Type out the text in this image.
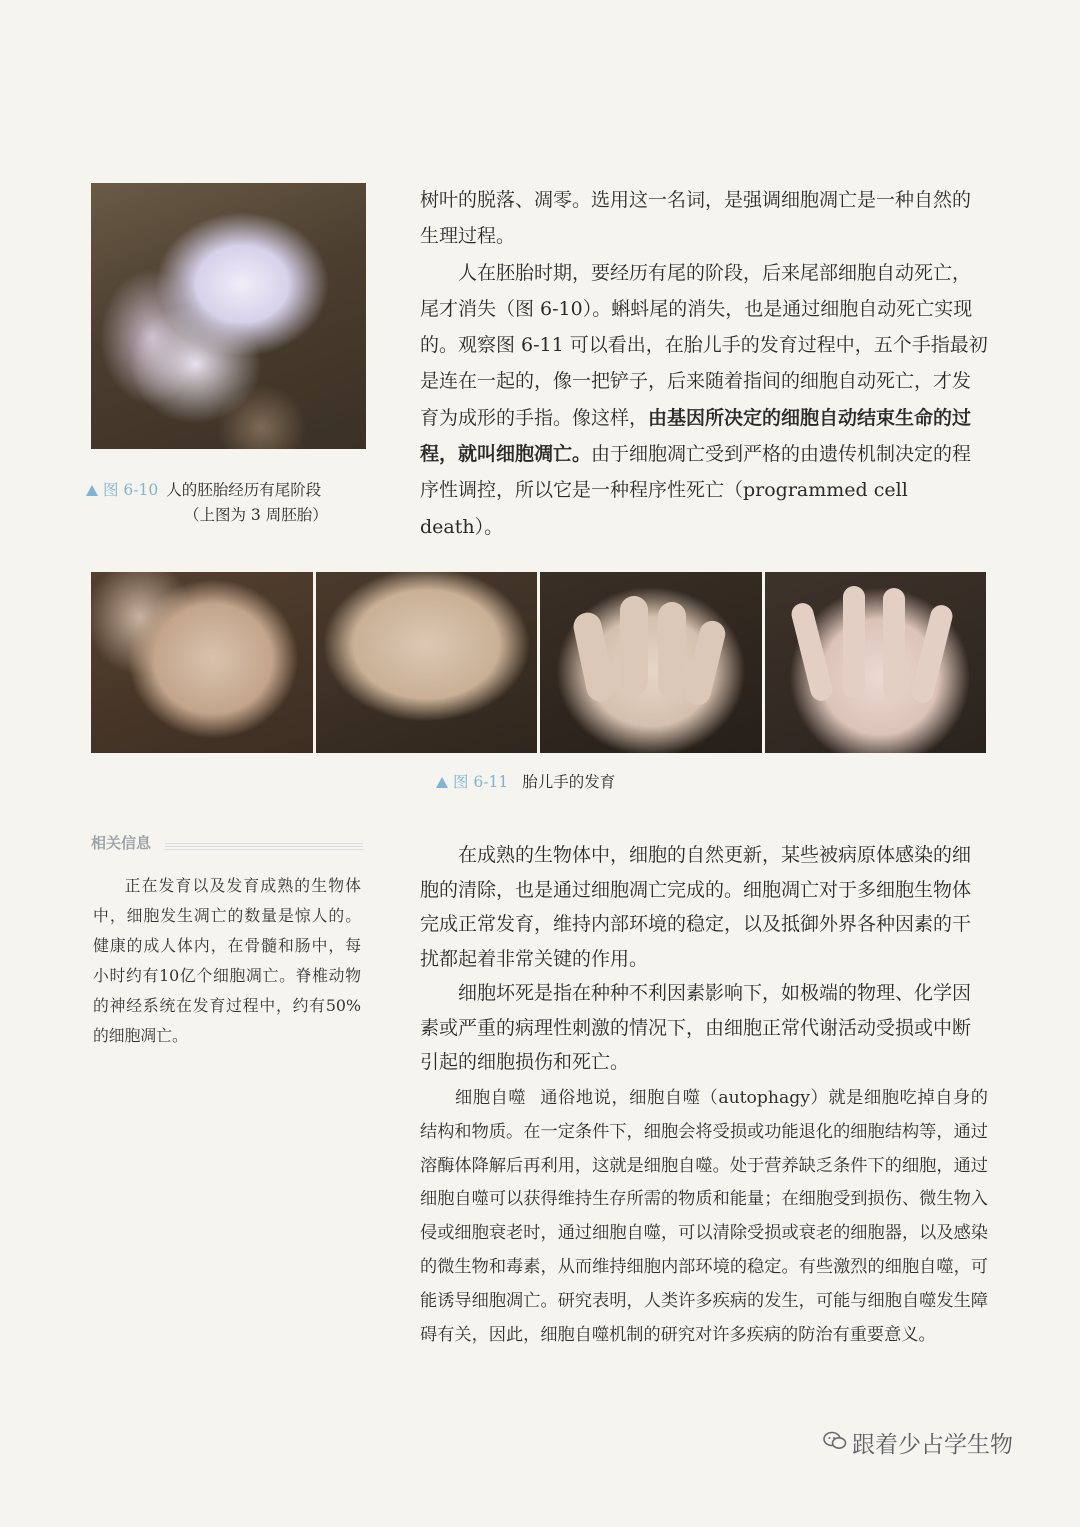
图 6-10 人的胚胎经历有尾阶段
（上图为 3 周胚胎）

树叶的脱落、凋零。选用这一名词，是强调细胞凋亡是一种自然的生理过程。

人在胚胎时期，要经历有尾的阶段，后来尾部细胞自动死亡，尾才消失（图 6-10）。蝌蚪尾的消失，也是通过细胞自动死亡实现的。观察图 6-11 可以看出，在胎儿手的发育过程中，五个手指最初是连在一起的，像一把铲子，后来随着指间的细胞自动死亡，才发育为成形的手指。像这样，由基因所决定的细胞自动结束生命的过程，就叫细胞凋亡。由于细胞凋亡受到严格的由遗传机制决定的程序性调控，所以它是一种程序性死亡（programmed cell death）。

图 6-11 胎儿手的发育
相关信息
正在发育以及发育成熟的生物体中，细胞发生凋亡的数量是惊人的。健康的成人体内，在骨髓和肠中，每小时约有10亿个细胞凋亡。脊椎动物的神经系统在发育过程中，约有50%的细胞凋亡。

在成熟的生物体中，细胞的自然更新，某些被病原体感染的细胞的清除，也是通过细胞凋亡完成的。细胞凋亡对于多细胞生物体完成正常发育，维持内部环境的稳定，以及抵御外界各种因素的干扰都起着非常关键的作用。

细胞坏死是指在种种不利因素影响下，如极端的物理、化学因素或严重的病理性刺激的情况下，由细胞正常代谢活动受损或中断引起的细胞损伤和死亡。

细胞自噬 通俗地说，细胞自噬（autophagy）就是细胞吃掉自身的结构和物质。在一定条件下，细胞会将受损或功能退化的细胞结构等，通过溶酶体降解后再利用，这就是细胞自噬。处于营养缺乏条件下的细胞，通过细胞自噬可以获得维持生存所需的物质和能量；在细胞受到损伤、微生物入侵或细胞衰老时，通过细胞自噬，可以清除受损或衰老的细胞器，以及感染的微生物和毒素，从而维持细胞内部环境的稳定。有些激烈的细胞自噬，可能诱导细胞凋亡。研究表明，人类许多疾病的发生，可能与细胞自噬发生障碍有关，因此，细胞自噬机制的研究对许多疾病的防治有重要意义。
跟着少占学生物
